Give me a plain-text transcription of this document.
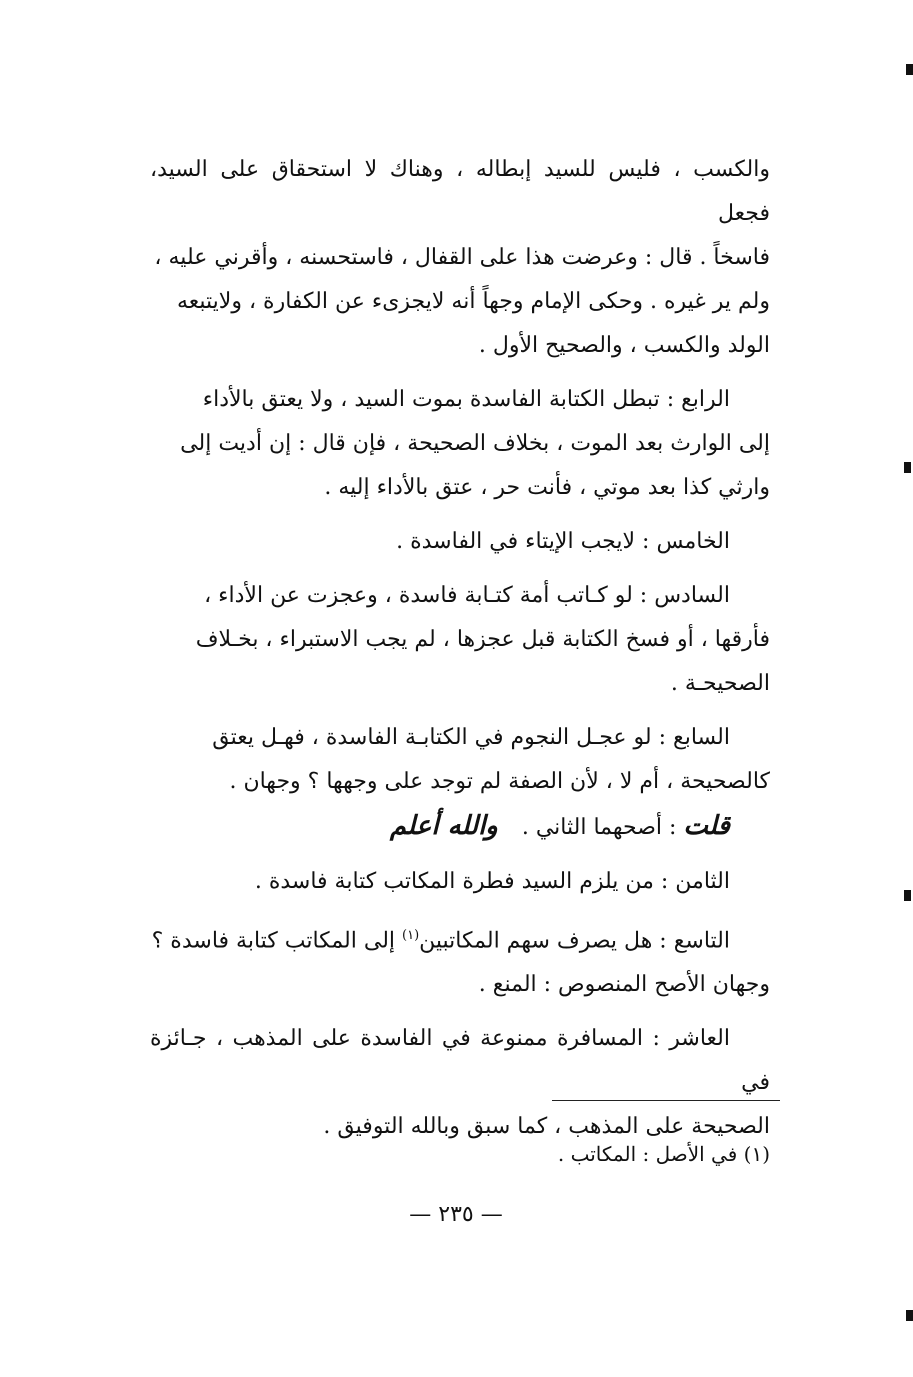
والكسب ، فليس للسيد إبطاله ، وهناك لا استحقاق على السيد، فجعل
فاسخاً . قال : وعرضت هذا على القفال ، فاستحسنه ، وأقرني عليه ،
ولم ير غيره . وحكى الإمام وجهاً أنه لايجزىء عن الكفارة ، ولايتبعه
الولد والكسب ، والصحيح الأول .

الرابع : تبطل الكتابة الفاسدة بموت السيد ، ولا يعتق بالأداء
إلى الوارث بعد الموت ، بخلاف الصحيحة ، فإن قال : إن أديت إلى
وارثي كذا بعد موتي ، فأنت حر ، عتق بالأداء إليه .

الخامس : لايجب الإيتاء في الفاسدة .

السادس : لو كـاتب أمة كتـابة فاسدة ، وعجزت عن الأداء ،
فأرقها ، أو فسخ الكتابة قبل عجزها ، لم يجب الاستبراء ، بخـلاف
الصحيحـة .

السابع : لو عجـل النجوم في الكتابـة الفاسدة ، فهـل يعتق
كالصحيحة ، أم لا ، لأن الصفة لم توجد على وجهها ؟ وجهان .

قلت : أصحهما الثاني .والله أعلم

الثامن : من يلزم السيد فطرة المكاتب كتابة فاسدة .

التاسع : هل يصرف سهم المكاتبين$^{(١)}$ إلى المكاتب كتابة فاسدة ؟
وجهان الأصح المنصوص : المنع .

العاشر : المسافرة ممنوعة في الفاسدة على المذهب ، جـائزة في
الصحيحة على المذهب ، كما سبق وبالله التوفيق .

(١) في الأصل : المكاتب .
— ٢٣٥ —
